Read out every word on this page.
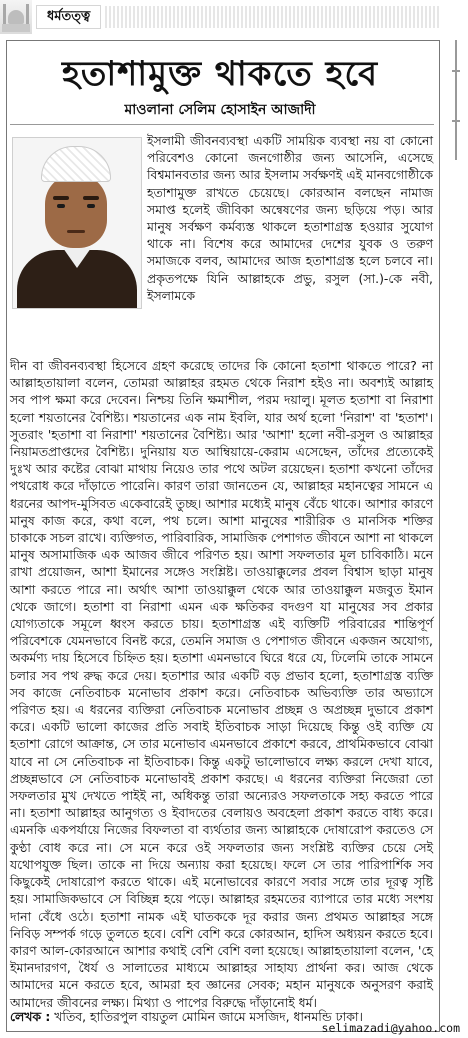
ধর্মতত্ত্ব
হতাশামুক্ত থাকতে হবে
মাওলানা সেলিম হোসাইন আজাদী
ইসলামী জীবনব্যবস্থা একটি সাময়িক ব্যবস্থা নয় বা কোনো পরিবেশও কোনো জনগোষ্ঠীর জন্য আসেনি, এসেছে বিশ্বমানবতার জন্য আর ইসলাম সর্বক্ষণই এই মানবগোষ্ঠীকে হতাশামুক্ত রাখতে চেয়েছে। কোরআন বলছেন নামাজ সমাপ্ত হলেই জীবিকা অন্বেষণের জন্য ছড়িয়ে পড়। আর মানুষ সর্বক্ষণ কর্মব্যস্ত থাকলে হতাশাগ্রস্ত হওয়ার সুযোগ থাকে না। বিশেষ করে আমাদের দেশের যুবক ও তরুণ সমাজকে বলব, আমাদের আজ হতাশাগ্রস্ত হলে চলবে না। প্রকৃতপক্ষে যিনি আল্লাহকে প্রভু, রসুল (সা.)-কে নবী, ইসলামকে
দীন বা জীবনব্যবস্থা হিসেবে গ্রহণ করেছে তাদের কি কোনো হতাশা থাকতে পারে? না আল্লাহতায়ালা বলেন, তোমরা আল্লাহর রহমত থেকে নিরাশ হইও না। অবশ্যই আল্লাহ সব পাপ ক্ষমা করে দেবেন। নিশ্চয় তিনি ক্ষমাশীল, পরম দয়ালু। মূলত হতাশা বা নিরাশা হলো শয়তানের বৈশিষ্ট্য। শয়তানের এক নাম ইবলি, যার অর্থ হলো 'নিরাশ' বা 'হতাশ'। সুতরাং 'হতাশা বা নিরাশা' শয়তানের বৈশিষ্ট্য। আর 'আশা' হলো নবী-রসুল ও আল্লাহর নিয়ামতপ্রাপ্তদের বৈশিষ্ট্য। দুনিয়ায় যত আম্বিয়ায়ে-কেরাম এসেছেন, তাঁদের প্রত্যেকেই দুঃখ আর কষ্টের বোঝা মাথায় নিয়েও তার পথে অটল রয়েছেন। হতাশা কখনো তাঁদের পথরোধ করে দাঁড়াতে পারেনি। কারণ তারা জানতেন যে, আল্লাহর মহানত্বের সামনে এ ধরনের আপদ-মুসিবত একেবারেই তুচ্ছ। আশার মধ্যেই মানুষ বেঁচে থাকে। আশার কারণে মানুষ কাজ করে, কথা বলে, পথ চলে। আশা মানুষের শারীরিক ও মানসিক শক্তির চাকাকে সচল রাখে। ব্যক্তিগত, পারিবারিক, সামাজিক পেশাগত জীবনে আশা না থাকলে মানুষ অসামাজিক এক আজব জীবে পরিণত হয়। আশা সফলতার মূল চাবিকাঠি। মনে রাখা প্রয়োজন, আশা ইমানের সঙ্গেও সংশ্লিষ্ট। তাওয়াক্কুলের প্রবল বিশ্বাস ছাড়া মানুষ আশা করতে পারে না। অর্থাৎ আশা তাওয়াক্কুল থেকে আর তাওয়াক্কুল মজবুত ইমান থেকে জাগে। হতাশা বা নিরাশা এমন এক ক্ষতিকর বদগুণ যা মানুষের সব প্রকার যোগ্যতাকে সমূলে ধ্বংস করতে চায়। হতাশাগ্রস্ত এই ব্যক্তিটি পরিবারের শান্তিপূর্ণ পরিবেশকে যেমনভাবে বিনষ্ট করে, তেমনি সমাজ ও পেশাগত জীবনে একজন অযোগ্য, অকর্মণ্য দায় হিসেবে চিহ্নিত হয়। হতাশা এমনভাবে ঘিরে ধরে যে, ঢিলেমি তাকে সামনে চলার সব পথ রুদ্ধ করে দেয়। হতাশার আর একটি বড় প্রভাব হলো, হতাশাগ্রস্ত ব্যক্তি সব কাজে নেতিবাচক মনোভাব প্রকাশ করে। নেতিবাচক অভিব্যক্তি তার অভ্যাসে পরিণত হয়। এ ধরনের ব্যক্তিরা নেতিবাচক মনোভাব প্রচ্ছন্ন ও অপ্রচ্ছন্ন দুভাবে প্রকাশ করে। একটি ভালো কাজের প্রতি সবাই ইতিবাচক সাড়া দিয়েছে কিন্তু ওই ব্যক্তি যে হতাশা রোগে আক্রান্ত, সে তার মনোভাব এমনভাবে প্রকাশে করবে, প্রাথমিকভাবে বোঝা যাবে না সে নেতিবাচক না ইতিবাচক। কিন্তু একটু ভালোভাবে লক্ষ্য করলে দেখা যাবে, প্রচ্ছন্নভাবে সে নেতিবাচক মনোভাবই প্রকাশ করছে। এ ধরনের ব্যক্তিরা নিজেরা তো সফলতার মুখ দেখতে পাইই না, অধিকন্তু তারা অন্যেরও সফলতাকে সহ্য করতে পারে না। হতাশা আল্লাহর আনুগত্য ও ইবাদতের বেলায়ও অবহেলা প্রকাশ করতে বাধ্য করে। এমনকি একপর্যায়ে নিজের বিফলতা বা ব্যর্থতার জন্য আল্লাহকে দোষারোপ করতেও সে কুণ্ঠা বোধ করে না। সে মনে করে ওই সফলতার জন্য সংশ্লিষ্ট ব্যক্তির চেয়ে সেই যথোপযুক্ত ছিল। তাকে না দিয়ে অন্যায় করা হয়েছে। ফলে সে তার পারিপার্শিক সব কিছুকেই দোষারোপ করতে থাকে। এই মনোভাবের কারণে সবার সঙ্গে তার দূরত্ব সৃষ্টি হয়। সামাজিকভাবে সে বিচ্ছিন্ন হয়ে পড়ে। আল্লাহর রহমতের ব্যাপারে তার মধ্যে সংশয় দানা বেঁধে ওঠে। হতাশা নামক এই ঘাতককে দূর করার জন্য প্রথমত আল্লাহর সঙ্গে নিবিড় সম্পর্ক গড়ে তুলতে হবে। বেশি বেশি করে কোরআন, হাদিস অধ্যয়ন করতে হবে। কারণ আল-কোরআনে আশার কথাই বেশি বেশি বলা হয়েছে। আল্লাহতায়ালা বলেন, 'হে ইমানদারগণ, ধৈর্য ও সালাতের মাধ্যমে আল্লাহর সাহায্য প্রার্থনা কর। আজ থেকে আমাদের মনে করতে হবে, আমরা হব জ্ঞানের সেবক; মহান মানুষকে অনুসরণ করাই আমাদের জীবনের লক্ষ্য। মিথ্যা ও পাপের বিরুদ্ধে দাঁড়ানোই ধর্ম।
লেখক : খতিব, হাতিরপুল বায়তুল মোমিন জামে মসজিদ, ধানমন্ডি ঢাকা।
selimazadi@yahoo.com
